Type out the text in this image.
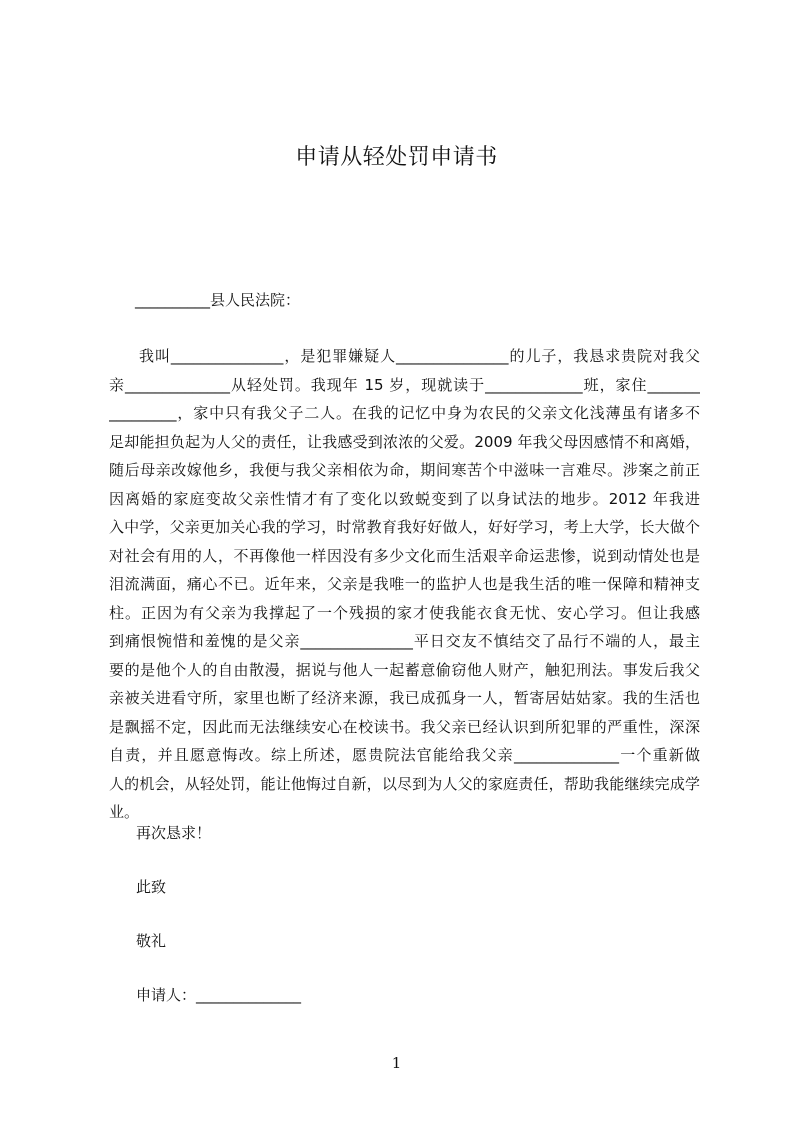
申请从轻处罚申请书
__________县人民法院：
我叫_______________，是犯罪嫌疑人_______________的儿子，我恳求贵院对我父
亲______________从轻处罚。我现年 15 岁，现就读于_____________班，家住_______
_________，家中只有我父子二人。在我的记忆中身为农民的父亲文化浅薄虽有诸多不
足却能担负起为人父的责任，让我感受到浓浓的父爱。2009 年我父母因感情不和离婚，
随后母亲改嫁他乡，我便与我父亲相依为命，期间寒苦个中滋味一言难尽。涉案之前正
因离婚的家庭变故父亲性情才有了变化以致蜕变到了以身试法的地步。2012 年我进
入中学，父亲更加关心我的学习，时常教育我好好做人，好好学习，考上大学，长大做个
对社会有用的人，不再像他一样因没有多少文化而生活艰辛命运悲惨，说到动情处也是
泪流满面，痛心不已。近年来，父亲是我唯一的监护人也是我生活的唯一保障和精神支
柱。正因为有父亲为我撑起了一个残损的家才使我能衣食无忧、安心学习。但让我感
到痛恨惋惜和羞愧的是父亲_______________平日交友不慎结交了品行不端的人，最主
要的是他个人的自由散漫，据说与他人一起蓄意偷窃他人财产，触犯刑法。事发后我父
亲被关进看守所，家里也断了经济来源，我已成孤身一人，暂寄居姑姑家。我的生活也
是飘摇不定，因此而无法继续安心在校读书。我父亲已经认识到所犯罪的严重性，深深
自责，并且愿意悔改。综上所述，愿贵院法官能给我父亲______________一个重新做
人的机会，从轻处罚，能让他悔过自新，以尽到为人父的家庭责任，帮助我能继续完成学
业。
再次恳求！
此致
敬礼
申请人：______________
1
